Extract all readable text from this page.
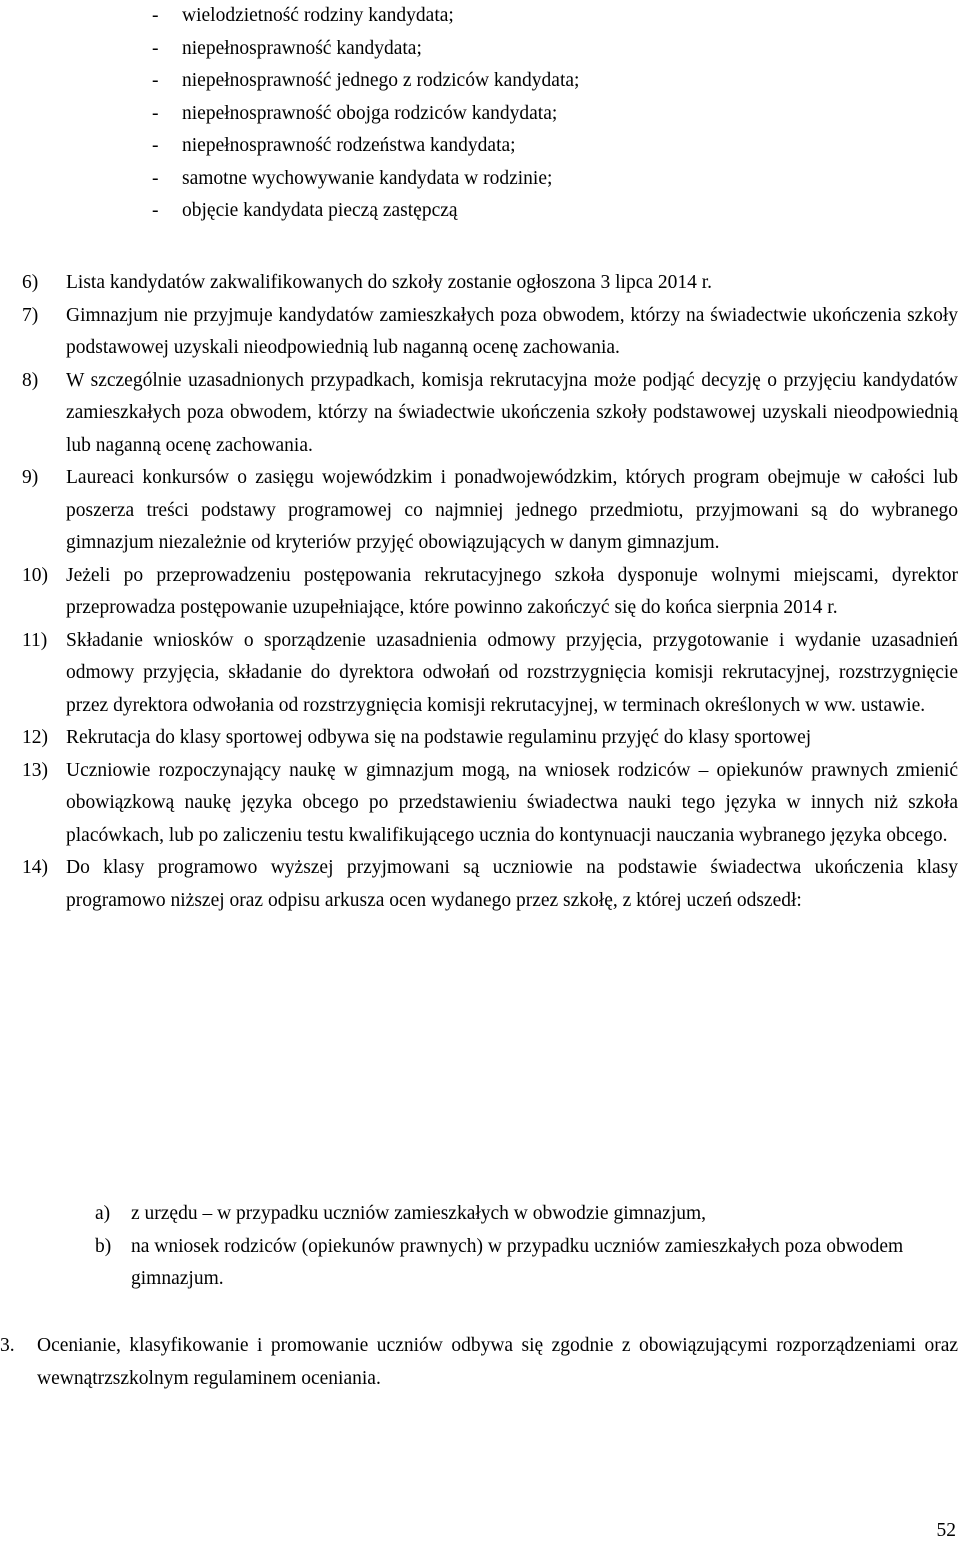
- wielodzietność rodziny kandydata;
- niepełnosprawność kandydata;
- niepełnosprawność jednego z rodziców kandydata;
- niepełnosprawność obojga rodziców kandydata;
- niepełnosprawność rodzeństwa kandydata;
- samotne wychowywanie kandydata w rodzinie;
- objęcie kandydata pieczą zastępczą

6) Lista kandydatów zakwalifikowanych do szkoły zostanie ogłoszona 3 lipca 2014 r.

7) Gimnazjum nie przyjmuje kandydatów zamieszkałych poza obwodem, którzy na świadectwie ukończenia szkoły podstawowej uzyskali nieodpowiednią lub naganną ocenę zachowania.

8) W szczególnie uzasadnionych przypadkach, komisja rekrutacyjna może podjąć decyzję o przyjęciu kandydatów zamieszkałych poza obwodem, którzy na świadectwie ukończenia szkoły podstawowej uzyskali nieodpowiednią lub naganną ocenę zachowania.

9) Laureaci konkursów o zasięgu wojewódzkim i ponadwojewódzkim, których program obejmuje w całości lub poszerza treści podstawy programowej co najmniej jednego przedmiotu, przyjmowani są do wybranego gimnazjum niezależnie od kryteriów przyjęć obowiązujących w danym gimnazjum.

10) Jeżeli po przeprowadzeniu postępowania rekrutacyjnego szkoła dysponuje wolnymi miejscami, dyrektor przeprowadza postępowanie uzupełniające, które powinno zakończyć się do końca sierpnia 2014 r.

11) Składanie wniosków o sporządzenie uzasadnienia odmowy przyjęcia, przygotowanie i wydanie uzasadnień odmowy przyjęcia, składanie do dyrektora odwołań od rozstrzygnięcia komisji rekrutacyjnej, rozstrzygnięcie przez dyrektora odwołania od rozstrzygnięcia komisji rekrutacyjnej, w terminach określonych w ww. ustawie.

12) Rekrutacja do klasy sportowej odbywa się na podstawie regulaminu przyjęć do klasy sportowej

13) Uczniowie rozpoczynający naukę w gimnazjum mogą, na wniosek rodziców – opiekunów prawnych zmienić obowiązkową naukę języka obcego po przedstawieniu świadectwa nauki tego języka w innych niż szkoła placówkach, lub po zaliczeniu testu kwalifikującego ucznia do kontynuacji nauczania wybranego języka obcego.

14) Do klasy programowo wyższej przyjmowani są uczniowie na podstawie świadectwa ukończenia klasy programowo niższej oraz odpisu arkusza ocen wydanego przez szkołę, z której uczeń odszedł:

a) z urzędu – w przypadku uczniów zamieszkałych w obwodzie gimnazjum,
b) na wniosek rodziców (opiekunów prawnych) w przypadku uczniów zamieszkałych poza obwodem gimnazjum.
3.	Ocenianie, klasyfikowanie i promowanie uczniów odbywa się zgodnie z obowiązującymi rozporządzeniami oraz wewnątrzszkolnym regulaminem oceniania.
52
